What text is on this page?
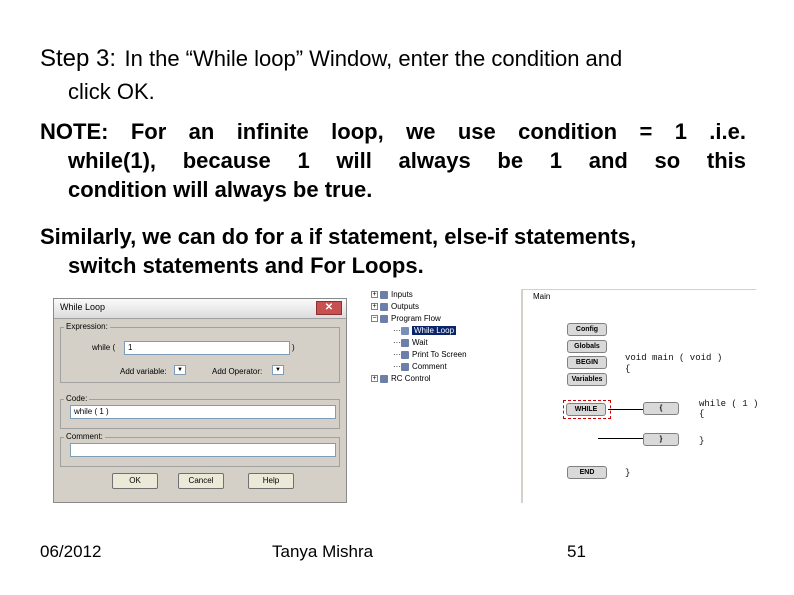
Step 3: In the “While loop” Window, enter the condition and
click OK.
NOTE: For an infinite loop, we use condition = 1 .i.e.
while(1), because 1 will always be 1 and so this
condition will always be true.
Similarly, we can do for a if statement, else-if statements,
switch statements and For Loops.
While Loop	✕
Expression:
while (	1	)
Add variable:	▼	Add Operator:	▼
Code:
while ( 1 )
Comment:
OK	Cancel	Help
+ Inputs
+ Outputs
− Program Flow
··· While Loop
··· Wait
··· Print To Screen
··· Comment
+ RC Control
Main
Config
Globals
BEGIN
Variables
WHILE	{
}
END
void main ( void )
{
while ( 1 )
{
}
}
06/2012	Tanya Mishra	51
